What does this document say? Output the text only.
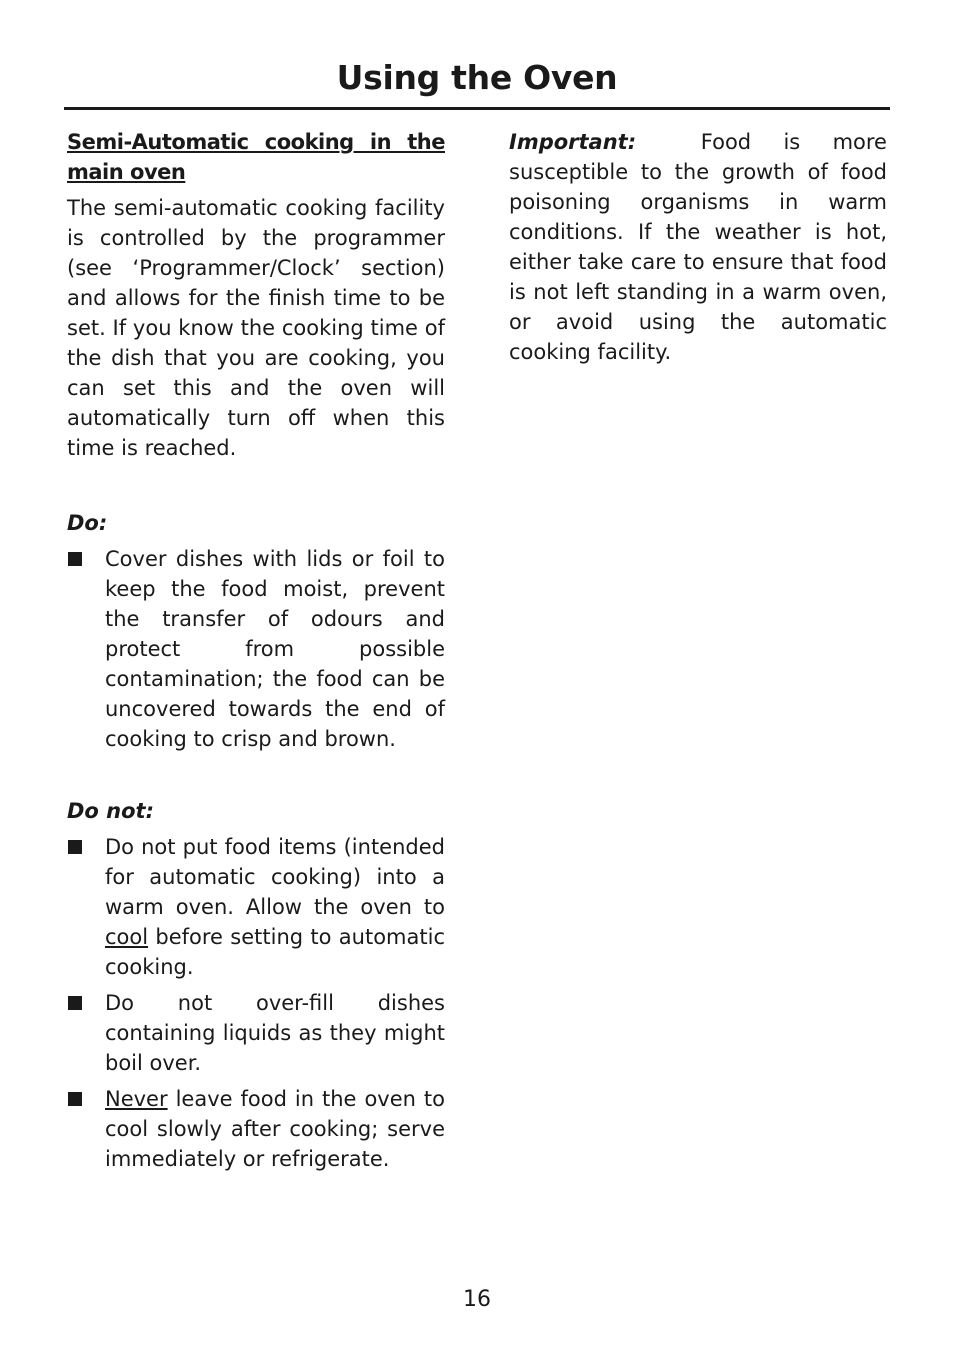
Using the Oven
Semi-Automatic cooking in the main oven

The semi-automatic cooking facility is controlled by the programmer (see ‘Programmer/Clock’ section) and allows for the finish time to be set. If you know the cooking time of the dish that you are cooking, you can set this and the oven will automatically turn off when this time is reached.

Do:

Cover dishes with lids or foil to keep the food moist, prevent the transfer of odours and protect from possible contamination; the food can be uncovered towards the end of cooking to crisp and brown.

Do not:

Do not put food items (intended for automatic cooking) into a warm oven. Allow the oven to cool before setting to automatic cooking.
Do not over-fill dishes containing liquids as they might boil over.
Never leave food in the oven to cool slowly after cooking; serve immediately or refrigerate.

Important:	Food is more susceptible to the growth of food poisoning organisms in warm conditions. If the weather is hot, either take care to ensure that food is not left standing in a warm oven, or avoid using the automatic cooking facility.

16
